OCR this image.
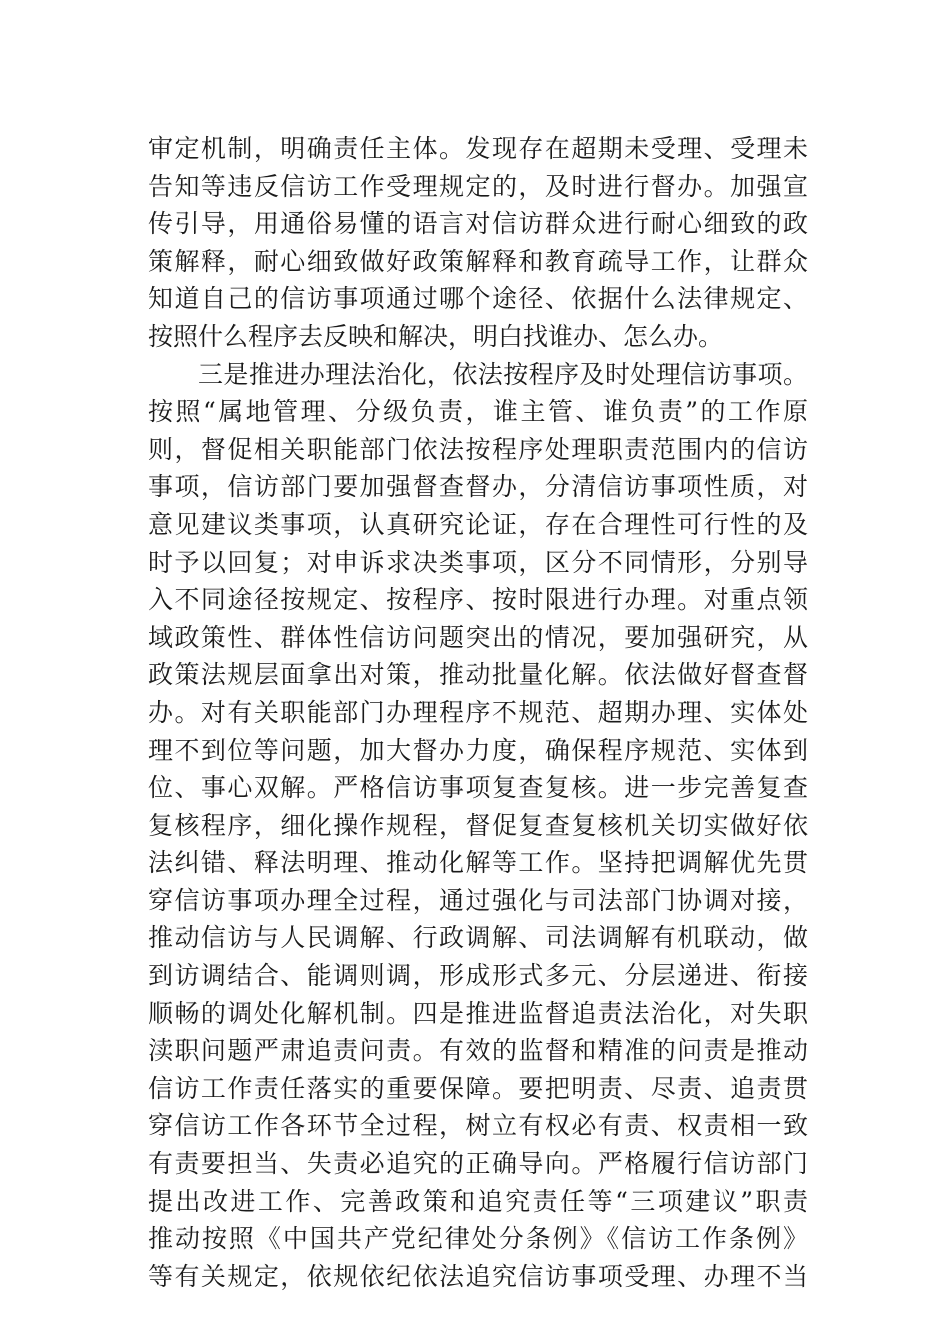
审定机制，明确责任主体。发现存在超期未受理、受理未
告知等违反信访工作受理规定的，及时进行督办。加强宣
传引导，用通俗易懂的语言对信访群众进行耐心细致的政
策解释，耐心细致做好政策解释和教育疏导工作，让群众
知道自己的信访事项通过哪个途径、依据什么法律规定、
按照什么程序去反映和解决，明白找谁办、怎么办。
三是推进办理法治化，依法按程序及时处理信访事项。
按照“属地管理、分级负责，谁主管、谁负责”的工作原
则，督促相关职能部门依法按程序处理职责范围内的信访
事项，信访部门要加强督查督办，分清信访事项性质，对
意见建议类事项，认真研究论证，存在合理性可行性的及
时予以回复；对申诉求决类事项，区分不同情形，分别导
入不同途径按规定、按程序、按时限进行办理。对重点领
域政策性、群体性信访问题突出的情况，要加强研究，从
政策法规层面拿出对策，推动批量化解。依法做好督查督
办。对有关职能部门办理程序不规范、超期办理、实体处
理不到位等问题，加大督办力度，确保程序规范、实体到
位、事心双解。严格信访事项复查复核。进一步完善复查
复核程序，细化操作规程，督促复查复核机关切实做好依
法纠错、释法明理、推动化解等工作。坚持把调解优先贯
穿信访事项办理全过程，通过强化与司法部门协调对接，
推动信访与人民调解、行政调解、司法调解有机联动，做
到访调结合、能调则调，形成形式多元、分层递进、衔接
顺畅的调处化解机制。四是推进监督追责法治化，对失职
渎职问题严肃追责问责。有效的监督和精准的问责是推动
信访工作责任落实的重要保障。要把明责、尽责、追责贯
穿信访工作各环节全过程，树立有权必有责、权责相一致
有责要担当、失责必追究的正确导向。严格履行信访部门
提出改进工作、完善政策和追究责任等“三项建议”职责
推动按照《中国共产党纪律处分条例》《信访工作条例》
等有关规定，依规依纪依法追究信访事项受理、办理不当
